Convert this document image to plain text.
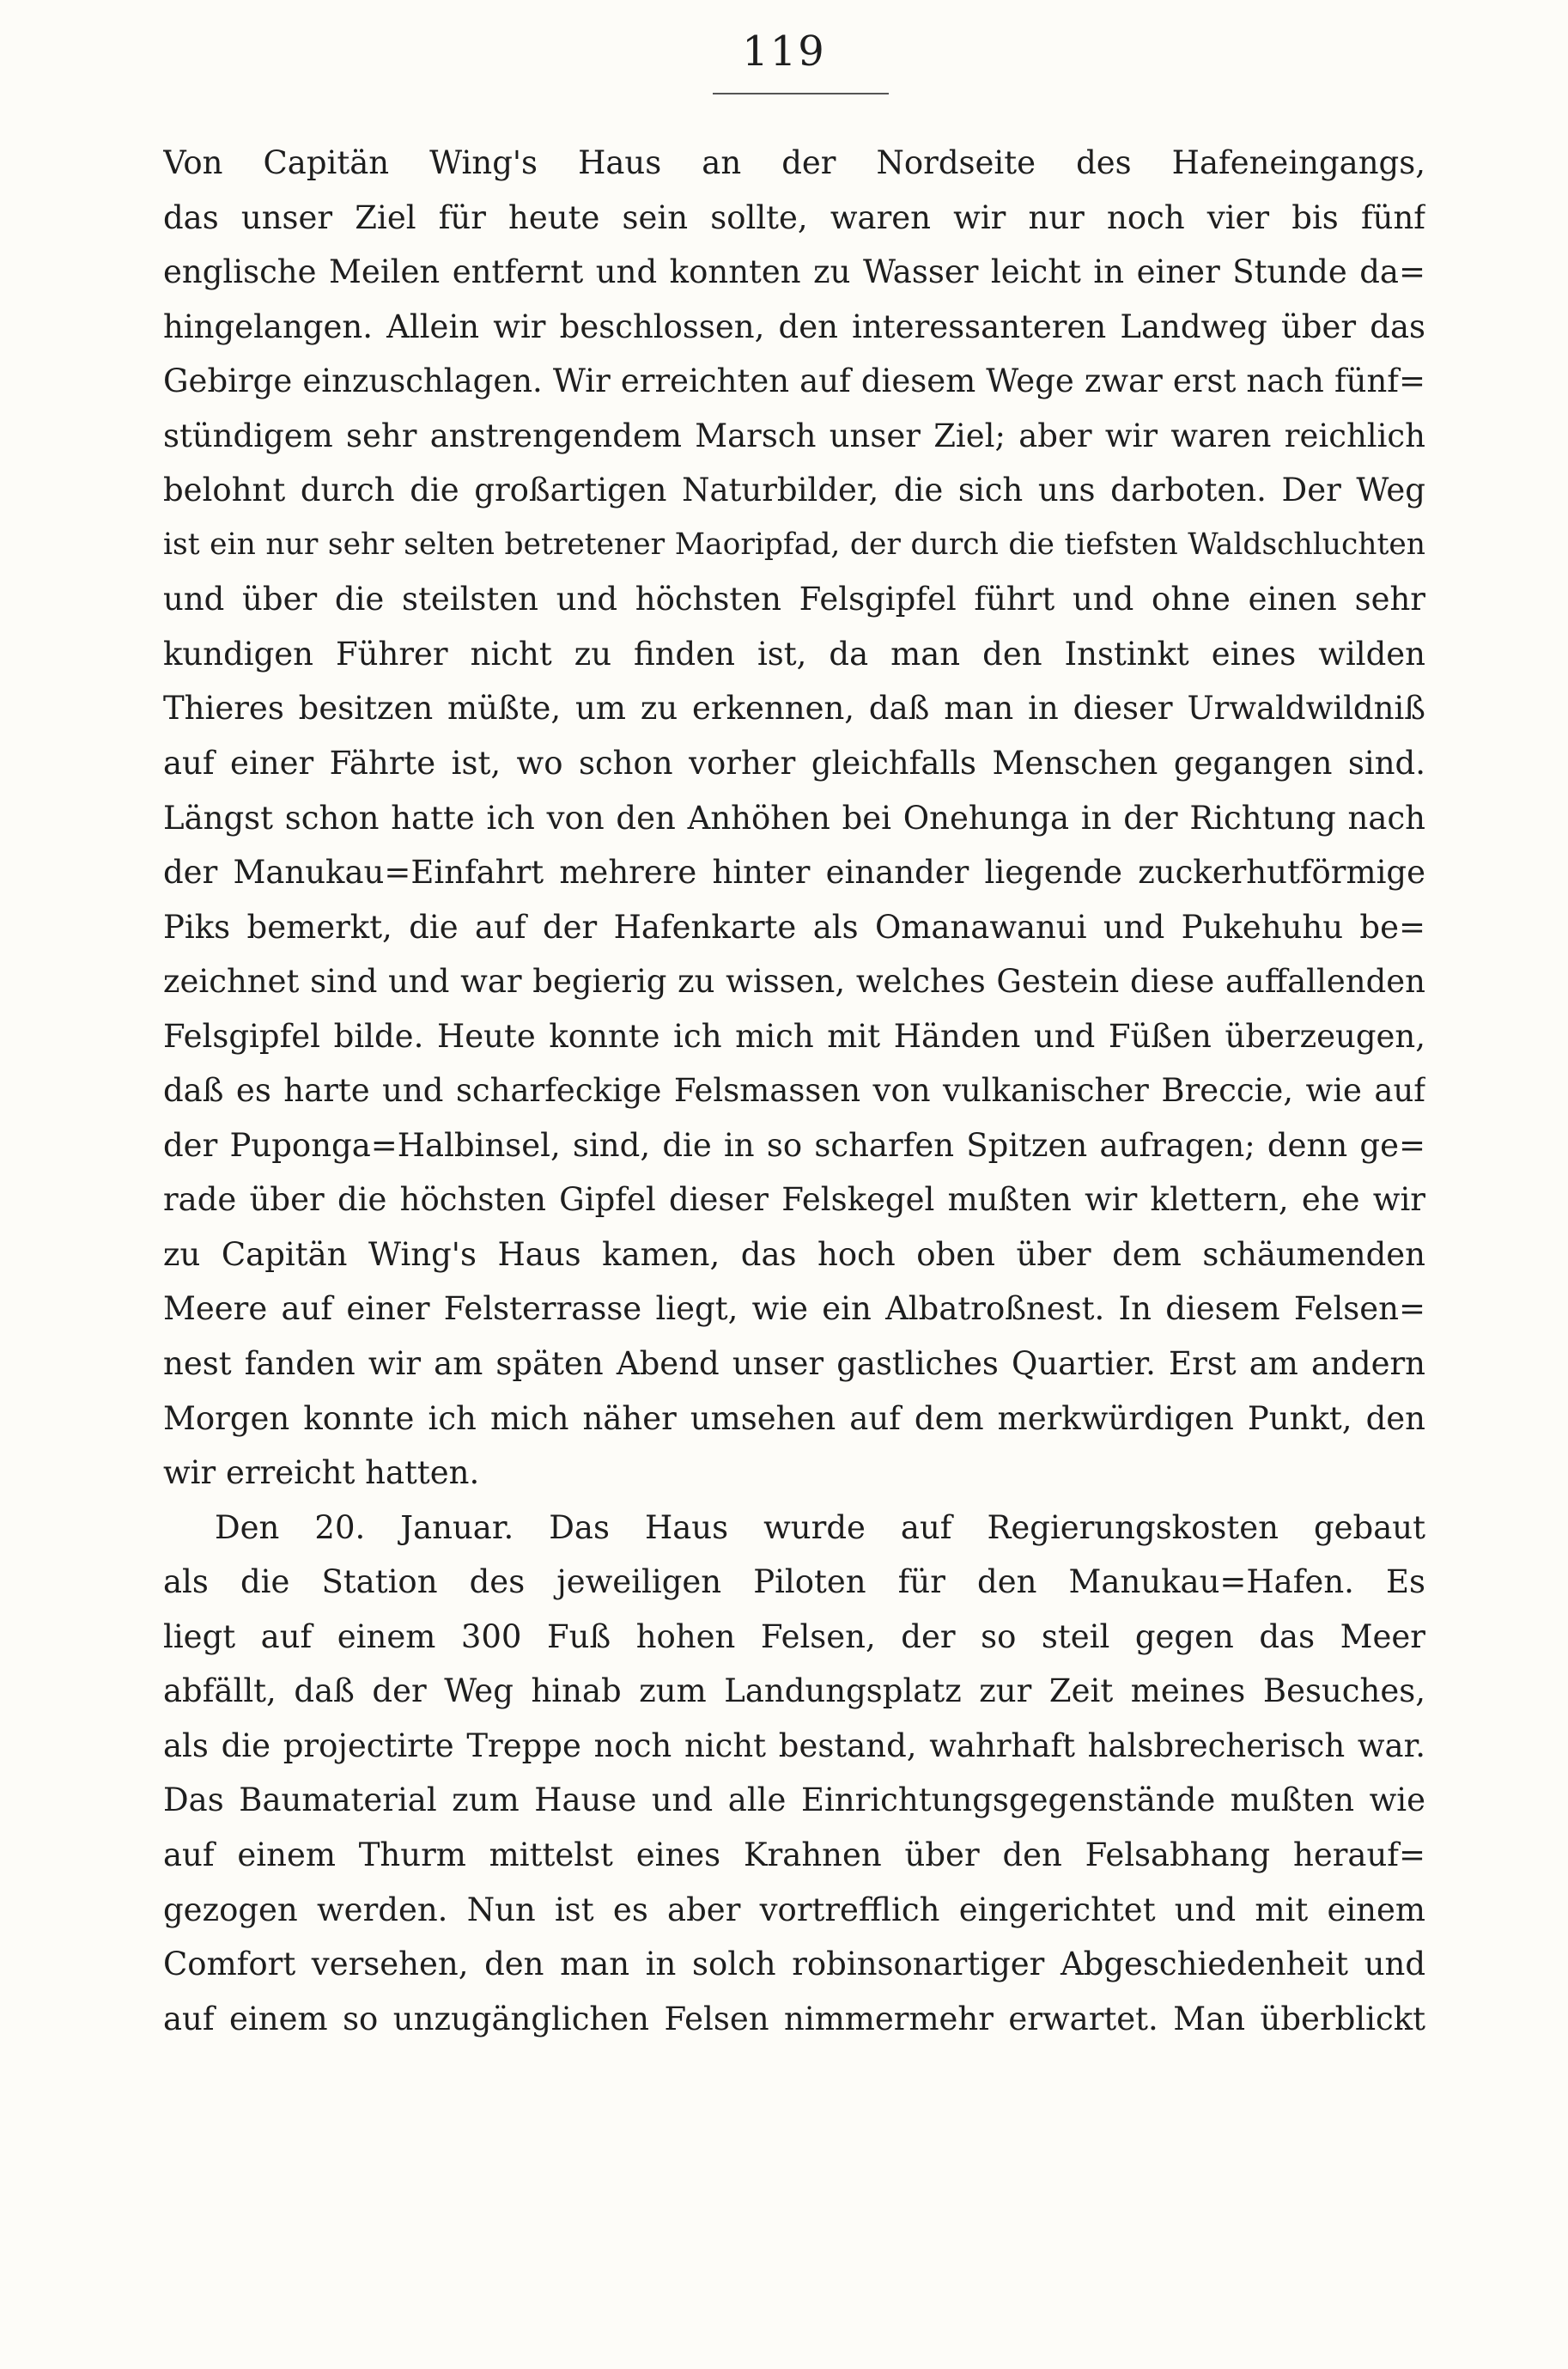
119
Von Capitän Wing's Haus an der Nordseite des Hafeneingangs,
das unser Ziel für heute sein sollte, waren wir nur noch vier bis fünf
englische Meilen entfernt und konnten zu Wasser leicht in einer Stunde da=
hingelangen. Allein wir beschlossen, den interessanteren Landweg über das
Gebirge einzuschlagen. Wir erreichten auf diesem Wege zwar erst nach fünf=
stündigem sehr anstrengendem Marsch unser Ziel; aber wir waren reichlich
belohnt durch die großartigen Naturbilder, die sich uns darboten. Der Weg
ist ein nur sehr selten betretener Maoripfad, der durch die tiefsten Waldschluchten
und über die steilsten und höchsten Felsgipfel führt und ohne einen sehr
kundigen Führer nicht zu finden ist, da man den Instinkt eines wilden
Thieres besitzen müßte, um zu erkennen, daß man in dieser Urwaldwildniß
auf einer Fährte ist, wo schon vorher gleichfalls Menschen gegangen sind.
Längst schon hatte ich von den Anhöhen bei Onehunga in der Richtung nach
der Manukau=Einfahrt mehrere hinter einander liegende zuckerhutförmige
Piks bemerkt, die auf der Hafenkarte als Omanawanui und Pukehuhu be=
zeichnet sind und war begierig zu wissen, welches Gestein diese auffallenden
Felsgipfel bilde. Heute konnte ich mich mit Händen und Füßen überzeugen,
daß es harte und scharfeckige Felsmassen von vulkanischer Breccie, wie auf
der Puponga=Halbinsel, sind, die in so scharfen Spitzen aufragen; denn ge=
rade über die höchsten Gipfel dieser Felskegel mußten wir klettern, ehe wir
zu Capitän Wing's Haus kamen, das hoch oben über dem schäumenden
Meere auf einer Felsterrasse liegt, wie ein Albatroßnest. In diesem Felsen=
nest fanden wir am späten Abend unser gastliches Quartier. Erst am andern
Morgen konnte ich mich näher umsehen auf dem merkwürdigen Punkt, den
wir erreicht hatten.
Den 20. Januar. Das Haus wurde auf Regierungskosten gebaut
als die Station des jeweiligen Piloten für den Manukau=Hafen. Es
liegt auf einem 300 Fuß hohen Felsen, der so steil gegen das Meer
abfällt, daß der Weg hinab zum Landungsplatz zur Zeit meines Besuches,
als die projectirte Treppe noch nicht bestand, wahrhaft halsbrecherisch war.
Das Baumaterial zum Hause und alle Einrichtungsgegenstände mußten wie
auf einem Thurm mittelst eines Krahnen über den Felsabhang herauf=
gezogen werden. Nun ist es aber vortrefflich eingerichtet und mit einem
Comfort versehen, den man in solch robinsonartiger Abgeschiedenheit und
auf einem so unzugänglichen Felsen nimmermehr erwartet. Man überblickt
